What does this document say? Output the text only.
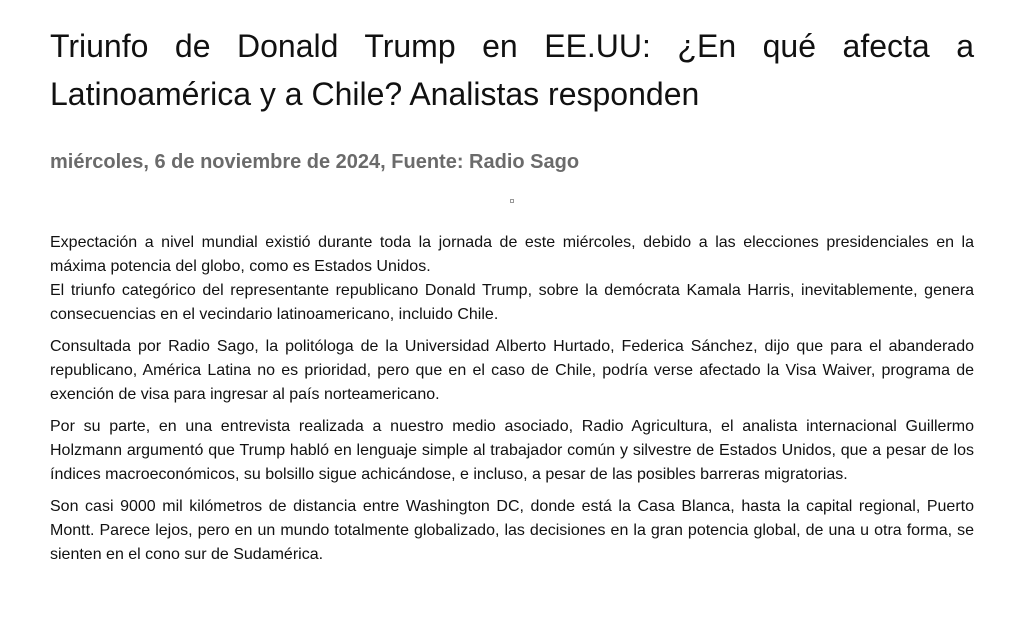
Triunfo de Donald Trump en EE.UU: ¿En qué afecta a Latinoamérica y a Chile? Analistas responden
miércoles, 6 de noviembre de 2024, Fuente: Radio Sago

Expectación a nivel mundial existió durante toda la jornada de este miércoles, debido a las elecciones presidenciales en la máxima potencia del globo, como es Estados Unidos.

El triunfo categórico del representante republicano Donald Trump, sobre la demócrata Kamala Harris, inevitablemente, genera consecuencias en el vecindario latinoamericano, incluido Chile.

Consultada por Radio Sago, la politóloga de la Universidad Alberto Hurtado, Federica Sánchez, dijo que para el abanderado republicano, América Latina no es prioridad, pero que en el caso de Chile, podría verse afectado la Visa Waiver, programa de exención de visa para ingresar al país norteamericano.

Por su parte, en una entrevista realizada a nuestro medio asociado, Radio Agricultura, el analista internacional Guillermo Holzmann argumentó que Trump habló en lenguaje simple al trabajador común y silvestre de Estados Unidos, que a pesar de los índices macroeconómicos, su bolsillo sigue achicándose, e incluso, a pesar de las posibles barreras migratorias.

Son casi 9000 mil kilómetros de distancia entre Washington DC, donde está la Casa Blanca, hasta la capital regional, Puerto Montt. Parece lejos, pero en un mundo totalmente globalizado, las decisiones en la gran potencia global, de una u otra forma, se sienten en el cono sur de Sudamérica.
